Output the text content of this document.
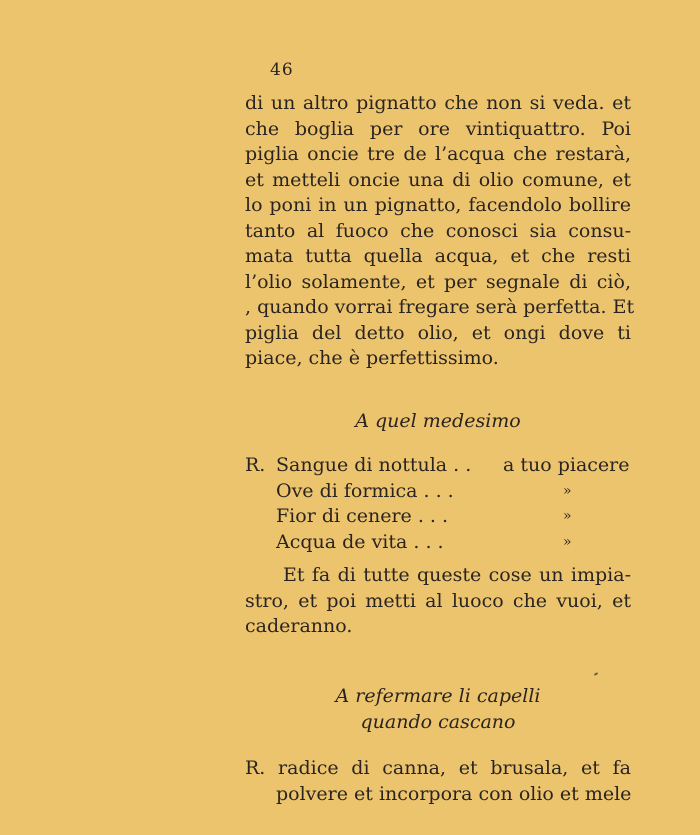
46
di un altro pignatto che non si veda. et
che boglia per ore vintiquattro. Poi
piglia oncie tre de l’acqua che restarà,
et metteli oncie una di olio comune, et
lo poni in un pignatto, facendolo bollire
tanto al fuoco che conosci sia consu-
mata tutta quella acqua, et che resti
l’olio solamente, et per segnale di ciò,
, quando vorrai fregare serà perfetta. Et
piglia del detto olio, et ongi dove ti
piace, che è perfettissimo.
A quel medesimo
R. Sangue di nottula . . a tuo piacere
Ove di formica . . .	»
Fior di cenere . . .	»
Acqua de vita . . .	»
Et fa di tutte queste cose un impia-
stro, et poi metti al luoco che vuoi, et
caderanno.
A refermare li capelli
quando cascano
R. radice di canna, et brusala, et fa
polvere et incorpora con olio et mele
